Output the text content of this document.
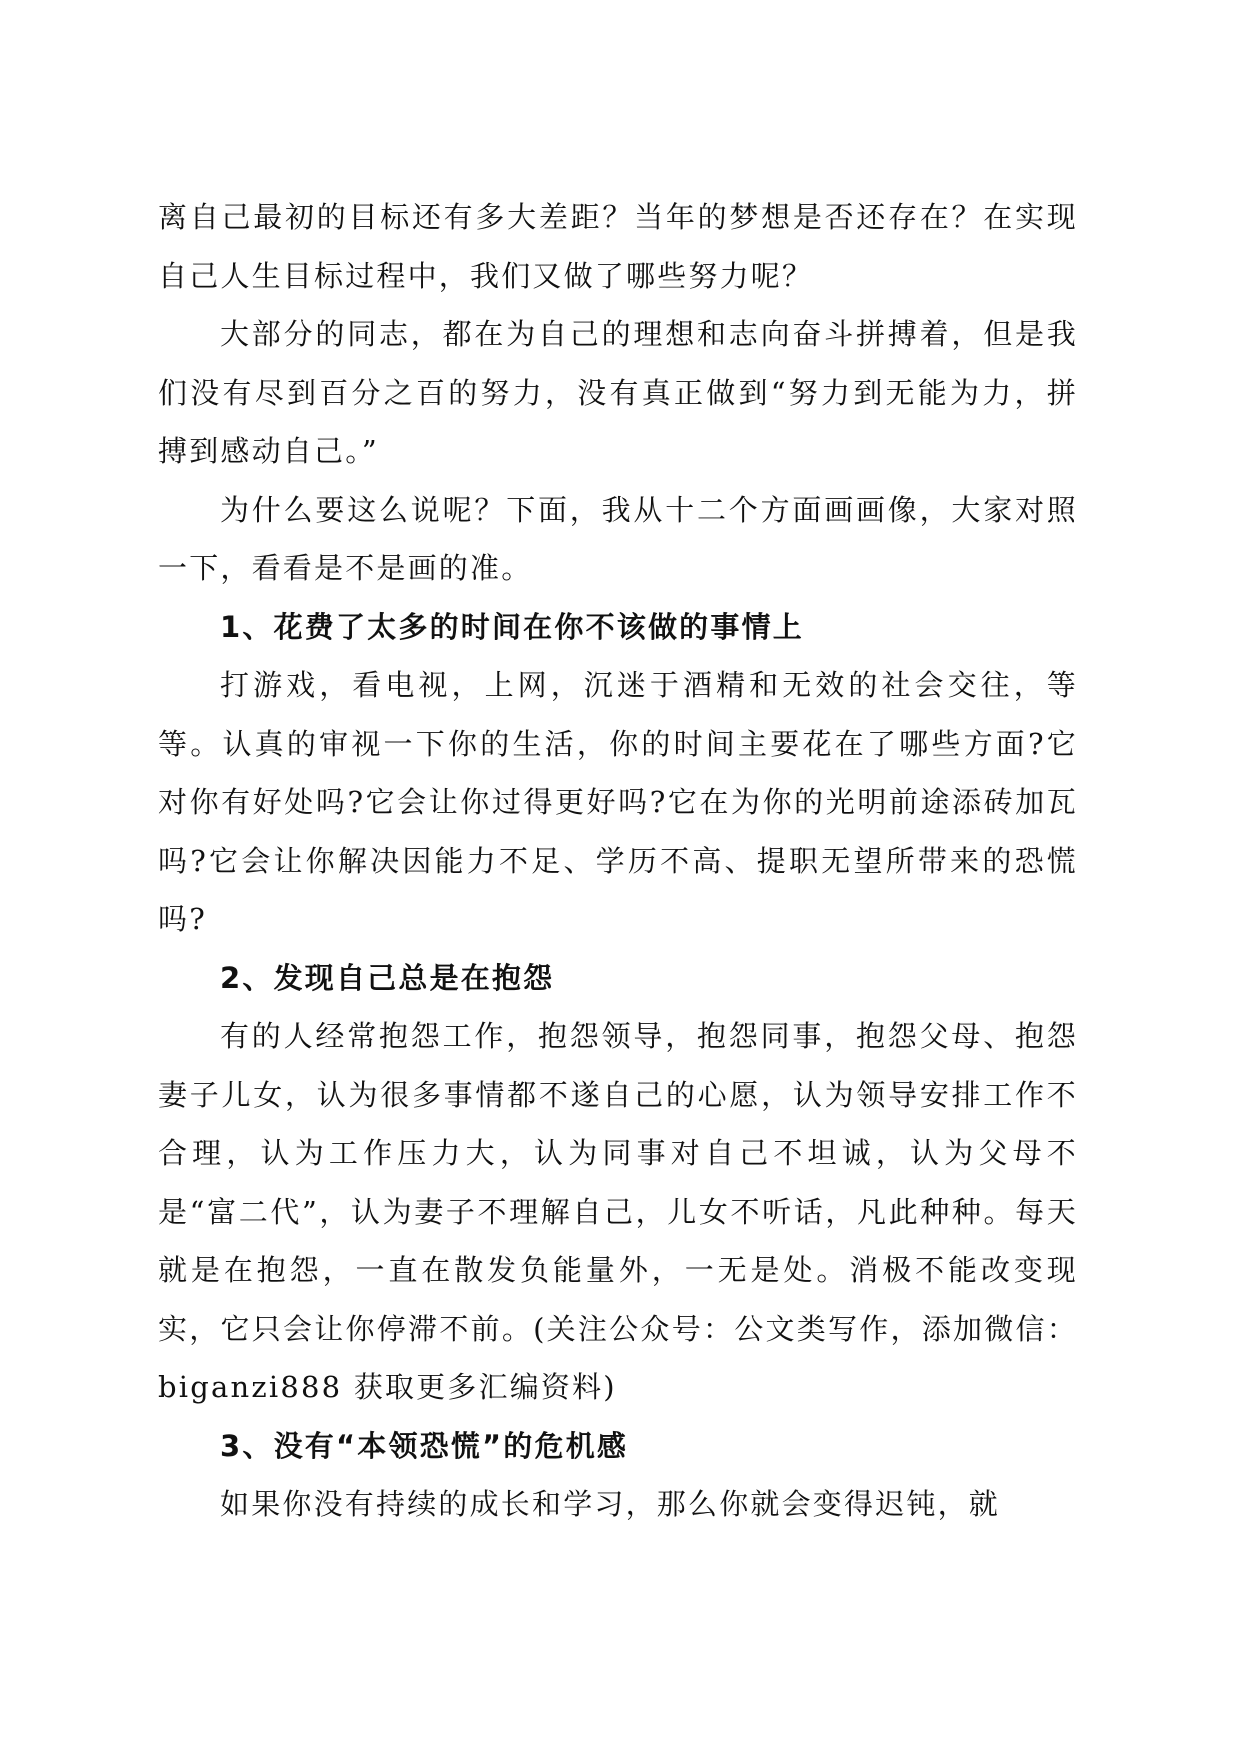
离自己最初的目标还有多大差距？当年的梦想是否还存在？在实现自己人生目标过程中，我们又做了哪些努力呢？

大部分的同志，都在为自己的理想和志向奋斗拼搏着，但是我们没有尽到百分之百的努力，没有真正做到“努力到无能为力，拼搏到感动自己。”

为什么要这么说呢？下面，我从十二个方面画画像，大家对照一下，看看是不是画的准。

1、花费了太多的时间在你不该做的事情上

打游戏，看电视，上网，沉迷于酒精和无效的社会交往，等等。认真的审视一下你的生活，你的时间主要花在了哪些方面?它对你有好处吗?它会让你过得更好吗?它在为你的光明前途添砖加瓦吗?它会让你解决因能力不足、学历不高、提职无望所带来的恐慌吗?

2、发现自己总是在抱怨

有的人经常抱怨工作，抱怨领导，抱怨同事，抱怨父母、抱怨妻子儿女，认为很多事情都不遂自己的心愿，认为领导安排工作不合理，认为工作压力大，认为同事对自己不坦诚，认为父母不是“富二代”，认为妻子不理解自己，儿女不听话，凡此种种。每天就是在抱怨，一直在散发负能量外，一无是处。消极不能改变现实，它只会让你停滞不前。(关注公众号：公文类写作，添加微信：biganzi888 获取更多汇编资料)

3、没有“本领恐慌”的危机感

如果你没有持续的成长和学习，那么你就会变得迟钝，就
